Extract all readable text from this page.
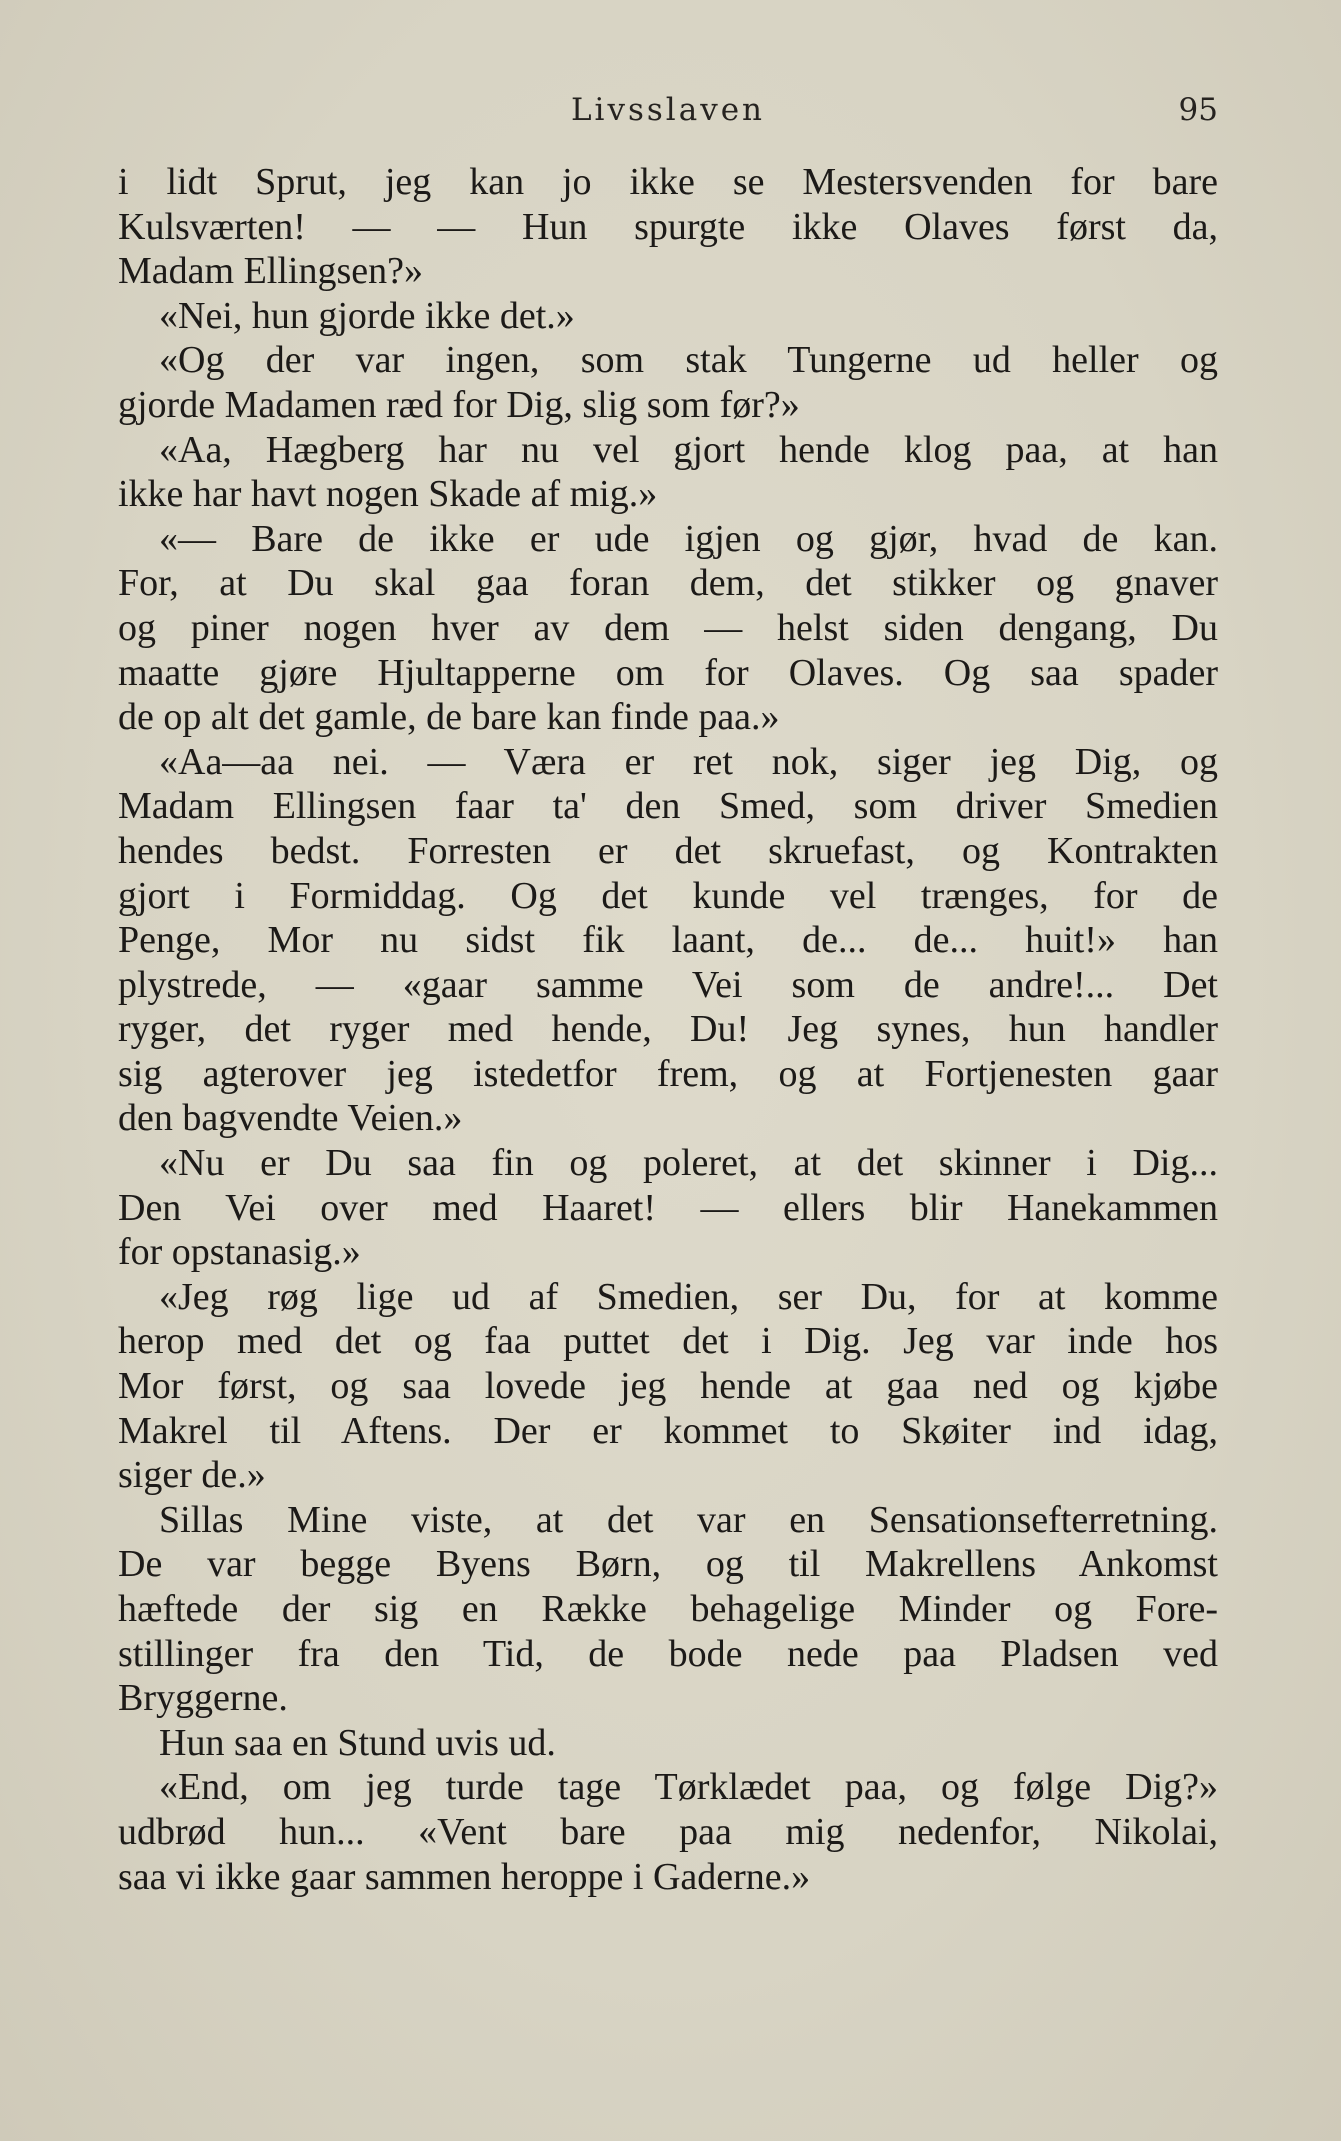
Livsslaven	95
i lidt Sprut, jeg kan jo ikke se Mestersvenden for bare
Kulsværten! — — Hun spurgte ikke Olaves først da,
Madam Ellingsen?»
«Nei, hun gjorde ikke det.»
«Og der var ingen, som stak Tungerne ud heller og
gjorde Madamen ræd for Dig, slig som før?»
«Aa, Hægberg har nu vel gjort hende klog paa, at han
ikke har havt nogen Skade af mig.»
«— Bare de ikke er ude igjen og gjør, hvad de kan.
For, at Du skal gaa foran dem, det stikker og gnaver
og piner nogen hver av dem — helst siden dengang, Du
maatte gjøre Hjultapperne om for Olaves. Og saa spader
de op alt det gamle, de bare kan finde paa.»
«Aa—aa nei. — Væra er ret nok, siger jeg Dig, og
Madam Ellingsen faar ta' den Smed, som driver Smedien
hendes bedst. Forresten er det skruefast, og Kontrakten
gjort i Formiddag. Og det kunde vel trænges, for de
Penge, Mor nu sidst fik laant, de... de... huit!» han
plystrede, — «gaar samme Vei som de andre!... Det
ryger, det ryger med hende, Du! Jeg synes, hun handler
sig agterover jeg istedetfor frem, og at Fortjenesten gaar
den bagvendte Veien.»
«Nu er Du saa fin og poleret, at det skinner i Dig...
Den Vei over med Haaret! — ellers blir Hanekammen
for opstanasig.»
«Jeg røg lige ud af Smedien, ser Du, for at komme
herop med det og faa puttet det i Dig. Jeg var inde hos
Mor først, og saa lovede jeg hende at gaa ned og kjøbe
Makrel til Aftens. Der er kommet to Skøiter ind idag,
siger de.»
Sillas Mine viste, at det var en Sensationsefterretning.
De var begge Byens Børn, og til Makrellens Ankomst
hæftede der sig en Række behagelige Minder og Fore-
stillinger fra den Tid, de bode nede paa Pladsen ved
Bryggerne.
Hun saa en Stund uvis ud.
«End, om jeg turde tage Tørklædet paa, og følge Dig?»
udbrød hun... «Vent bare paa mig nedenfor, Nikolai,
saa vi ikke gaar sammen heroppe i Gaderne.»
